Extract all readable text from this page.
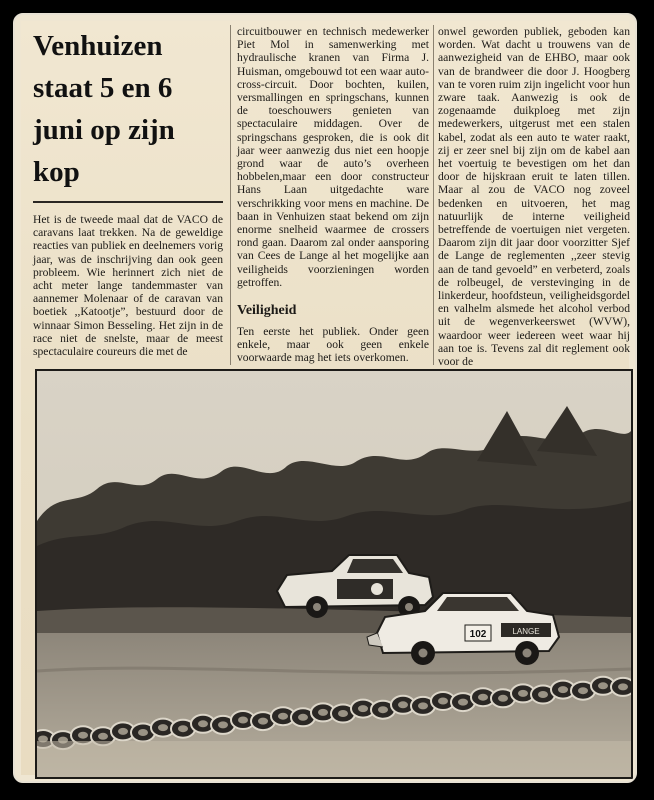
Venhuizen staat 5 en 6 juni op zijn kop

Het is de tweede maal dat de VACO de caravans laat trekken. Na de geweldige reacties van publiek en deelnemers vorig jaar, was de inschrijving dan ook geen probleem. Wie herinnert zich niet de acht meter lange tandemmaster van aannemer Molenaar of de caravan van boetiek ,,Katootje”, bestuurd door de winnaar Simon Besseling. Het zijn in de race niet de snelste, maar de meest spectaculaire coureurs die met de

circuitbouwer en technisch medewerker Piet Mol in samenwerking met hydraulische kranen van Firma J. Huisman, omgebouwd tot een waar auto-cross-circuit. Door bochten, kuilen, versmallingen en springschans, kunnen de toeschouwers genieten van spectaculaire middagen. Over de springschans gesproken, die is ook dit jaar weer aanwezig dus niet een hoopje grond waar de auto’s overheen hobbelen,maar een door constructeur Hans Laan uitgedachte ware verschrikking voor mens en machine. De baan in Venhuizen staat bekend om zijn enorme snelheid waarmee de crossers rond gaan. Daarom zal onder aansporing van Cees de Lange al het mogelijke aan veiligheids voorzieningen worden getroffen.

Veiligheid

Ten eerste het publiek. Onder geen enkele, maar ook geen enkele voorwaarde mag het iets overkomen.

onwel geworden publiek, geboden kan worden. Wat dacht u trouwens van de aanwezigheid van de EHBO, maar ook van de brandweer die door J. Hoogberg van te voren ruim zijn ingelicht voor hun zware taak. Aanwezig is ook de zogenaamde duikploeg met zijn medewerkers, uitgerust met een stalen kabel, zodat als een auto te water raakt, zij er zeer snel bij zijn om de kabel aan het voertuig te bevestigen om het dan door de hijskraan eruit te laten tillen. Maar al zou de VACO nog zoveel bedenken en uitvoeren, het mag natuurlijk de interne veiligheid betreffende de voertuigen niet vergeten. Daarom zijn dit jaar door voorzitter Sjef de Lange de reglementen ,,zeer stevig aan de tand gevoeld” en verbeterd, zoals de rolbeugel, de verstevinging in de linkerdeur, hoofdsteun, veiligheidsgordel en valhelm alsmede het alcohol verbod uit de wegenverkeerswet (WVW), waardoor weer iedereen weet waar hij aan toe is. Tevens zal dit reglement ook voor de

LANGE
102
